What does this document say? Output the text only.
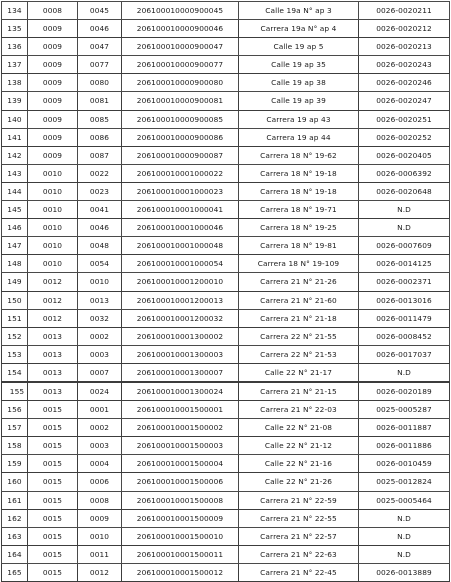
134	0008	0045	206100010000900045	Calle 19a N° ap 3	0026-0020211
135	0009	0046	206100010000900046	Carrera 19a N° ap 4	0026-0020212
136	0009	0047	206100010000900047	Calle 19 ap 5	0026-0020213
137	0009	0077	206100010000900077	Calle 19 ap 35	0026-0020243
138	0009	0080	206100010000900080	Calle 19 ap 38	0026-0020246
139	0009	0081	206100010000900081	Calle 19 ap 39	0026-0020247
140	0009	0085	206100010000900085	Carrera 19 ap 43	0026-0020251
141	0009	0086	206100010000900086	Carrera 19 ap 44	0026-0020252
142	0009	0087	206100010000900087	Carrera 18 N° 19-62	0026-0020405
143	0010	0022	206100010001000022	Carrera 18 N° 19-18	0026-0006392
144	0010	0023	206100010001000023	Carrera 18 N° 19-18	0026-0020648
145	0010	0041	206100010001000041	Carrera 18 N° 19-71	N.D
146	0010	0046	206100010001000046	Carrera 18 N° 19-25	N.D
147	0010	0048	206100010001000048	Carrera 18 N° 19-81	0026-0007609
148	0010	0054	206100010001000054	Carrera 18 N° 19-109	0026-0014125
149	0012	0010	206100010001200010	Carrera 21 N° 21-26	0026-0002371
150	0012	0013	206100010001200013	Carrera 21 N° 21-60	0026-0013016
151	0012	0032	206100010001200032	Carrera 21 N° 21-18	0026-0011479
152	0013	0002	206100010001300002	Carrera 22 N° 21-55	0026-0008452
153	0013	0003	206100010001300003	Carrera 22 N° 21-53	0026-0017037
154	0013	0007	206100010001300007	Calle 22 N° 21-17	N.D
155	0013	0024	206100010001300024	Carrera 21 N° 21-15	0026-0020189
156	0015	0001	206100010001500001	Carrera 21 N° 22-03	0025-0005287
157	0015	0002	206100010001500002	Calle 22 N° 21-08	0026-0011887
158	0015	0003	206100010001500003	Calle 22 N° 21-12	0026-0011886
159	0015	0004	206100010001500004	Calle 22 N° 21-16	0026-0010459
160	0015	0006	206100010001500006	Calle 22 N° 21-26	0025-0012824
161	0015	0008	206100010001500008	Carrera 21 N° 22-59	0025-0005464
162	0015	0009	206100010001500009	Carrera 21 N° 22-55	N.D
163	0015	0010	206100010001500010	Carrera 21 N° 22-57	N.D
164	0015	0011	206100010001500011	Carrera 21 N° 22-63	N.D
165	0015	0012	206100010001500012	Carrera 21 N° 22-45	0026-0013889
